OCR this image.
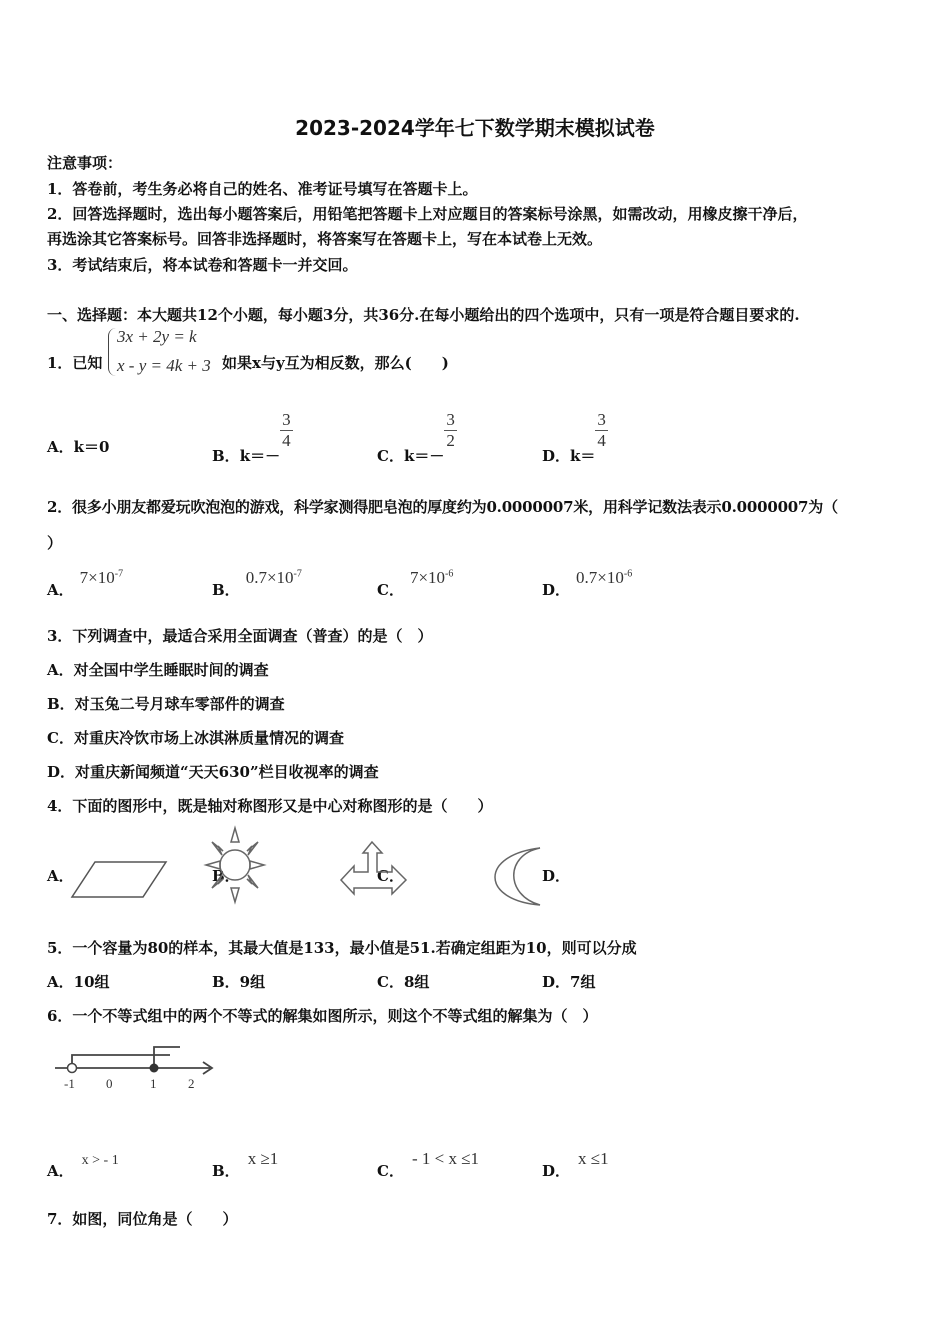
2023-2024学年七下数学期末模拟试卷
注意事项：
1．答卷前，考生务必将自己的姓名、准考证号填写在答题卡上。
2．回答选择题时，选出每小题答案后，用铅笔把答题卡上对应题目的答案标号涂黑，如需改动，用橡皮擦干净后，
再选涂其它答案标号。回答非选择题时，将答案写在答题卡上，写在本试卷上无效。
3．考试结束后，将本试卷和答题卡一并交回。
一、选择题：本大题共12个小题，每小题3分，共36分.在每小题给出的四个选项中，只有一项是符合题目要求的.
1．已知
3x + 2y = k
x - y = 4k + 3 如果x与y互为相反数，那么(　　)
A．k＝0	B．k＝－
$\frac{3}{4}$
C．k＝－
$\frac{3}{2}$
D．k＝
$\frac{3}{4}$
2．很多小朋友都爱玩吹泡泡的游戏，科学家测得肥皂泡的厚度约为0.0000007米，用科学记数法表示0.0000007为（
）
A．$7\times 10^{-7}$
B．$0.7\times 10^{-7}$
C．$7\times 10^{-6}$
D．$0.7\times 10^{-6}$
3．下列调查中，最适合采用全面调查（普查）的是（　）
A．对全国中学生睡眠时间的调查
B．对玉兔二号月球车零部件的调查
C．对重庆冷饮市场上冰淇淋质量情况的调查
D．对重庆新闻频道“天天630”栏目收视率的调查
4．下面的图形中，既是轴对称图形又是中心对称图形的是（　　）
A．	B．	C．	D．
5．一个容量为80的样本，其最大值是133，最小值是51.若确定组距为10，则可以分成
A．10组	B．9组	C．8组	D．7组
6．一个不等式组中的两个不等式的解集如图所示，则这个不等式组的解集为（　）
-1 0	1 2
A．x > - 1
B．x ≥1
C．- 1 < x ≤1
D．x ≤1
7．如图，同位角是（　　）
